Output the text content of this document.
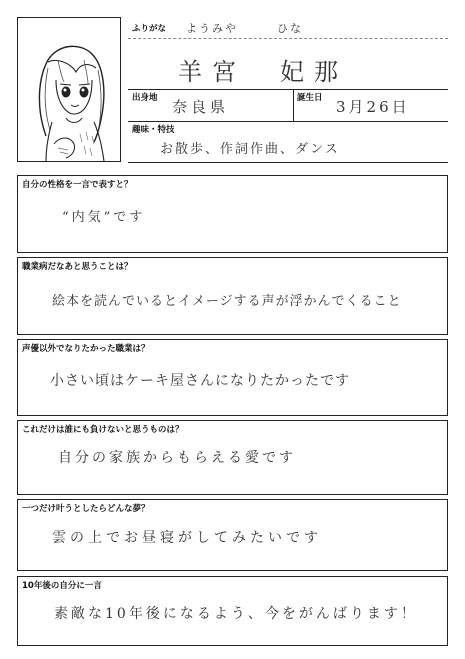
ふりがな ようみや　　　ひな
羊宮　妃那
出身地 奈良県	誕生日 3月26日
趣味・特技
お散歩、作詞作曲、ダンス
自分の性格を一言で表すと？
“内気”です
職業病だなあと思うことは？
絵本を読んでいるとイメージする声が浮かんでくること
声優以外でなりたかった職業は？
小さい頃はケーキ屋さんになりたかったです
これだけは誰にも負けないと思うものは？
自分の家族からもらえる愛です
一つだけ叶うとしたらどんな夢？
雲の上でお昼寝がしてみたいです
10年後の自分に一言
素敵な10年後になるよう、今をがんばります！
